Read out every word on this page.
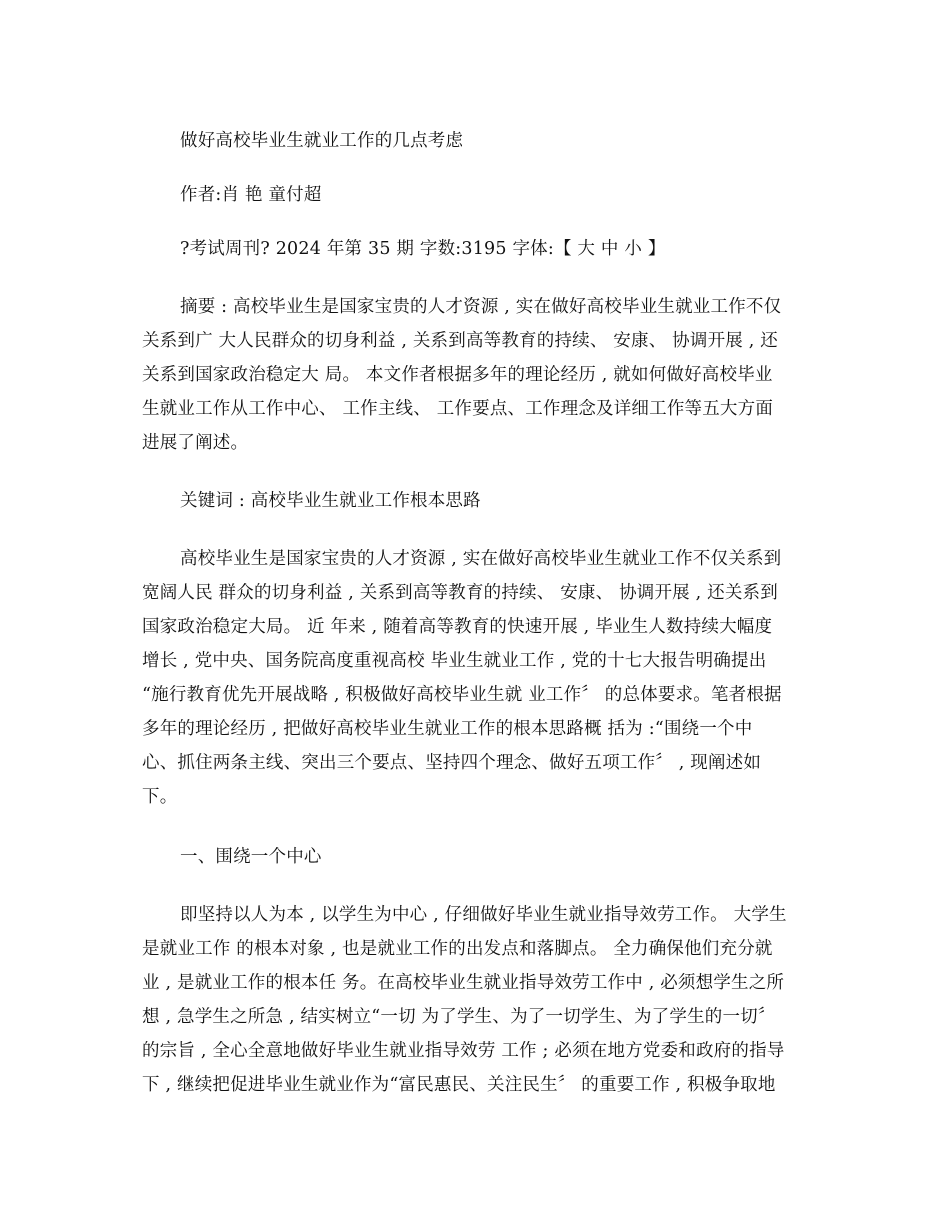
做好高校毕业生就业工作的几点考虑

作者:肖 艳 童付超

?考试周刊? 2024 年第 35 期 字数:3195 字体:【 大 中 小 】

摘要 : 高校毕业生是国家宝贵的人才资源 , 实在做好高校毕业生就业工作不仅
关系到广 大人民群众的切身利益 , 关系到高等教育的持续、 安康、 协调开展 , 还
关系到国家政治稳定大 局。 本文作者根据多年的理论经历 , 就如何做好高校毕业
生就业工作从工作中心、 工作主线、 工作要点、工作理念及详细工作等五大方面
进展了阐述。

关键词 : 高校毕业生就业工作根本思路

高校毕业生是国家宝贵的人才资源 , 实在做好高校毕业生就业工作不仅关系到
宽阔人民 群众的切身利益 , 关系到高等教育的持续、 安康、 协调开展 , 还关系到
国家政治稳定大局。 近 年来 , 随着高等教育的快速开展 , 毕业生人数持续大幅度
增长 , 党中央、国务院高度重视高校 毕业生就业工作 , 党的十七大报告明确提出
“施行教育优先开展战略 , 积极做好高校毕业生就 业工作〞 的总体要求。笔者根据
多年的理论经历 , 把做好高校毕业生就业工作的根本思路概 括为 :“围绕一个中
心、抓住两条主线、突出三个要点、坚持四个理念、做好五项工作〞 , 现阐述如
下。

一、围绕一个中心

即坚持以人为本 , 以学生为中心 , 仔细做好毕业生就业指导效劳工作。 大学生
是就业工作 的根本对象 , 也是就业工作的出发点和落脚点。 全力确保他们充分就
业 , 是就业工作的根本任 务。在高校毕业生就业指导效劳工作中 , 必须想学生之所
想 , 急学生之所急 , 结实树立“一切 为了学生、为了一切学生、为了学生的一切〞
的宗旨 , 全心全意地做好毕业生就业指导效劳 工作 ; 必须在地方党委和政府的指导
下 , 继续把促进毕业生就业作为“富民惠民、关注民生〞 的重要工作 , 积极争取地
